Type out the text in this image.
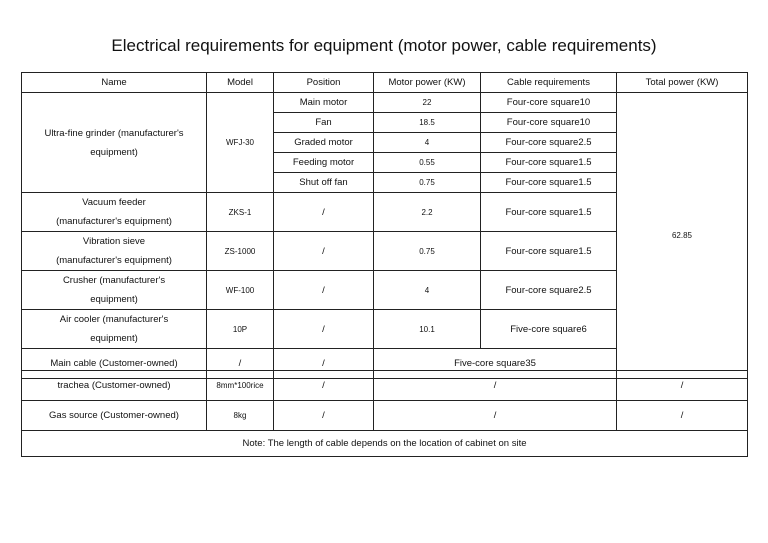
Electrical requirements for equipment (motor power, cable requirements)
Name	Model	Position	Motor power (KW)	Cable requirements	Total power (KW)
Ultra-fine grinder (manufacturer's equipment)	WFJ-30	Main motor	22	Four-core square10	62.85
		Fan	18.5	Four-core square10	
		Graded motor	4	Four-core square2.5	
		Feeding motor	0.55	Four-core square1.5	
		Shut off fan	0.75	Four-core square1.5	
Vacuum feeder (manufacturer's equipment)	ZKS-1	/	2.2	Four-core square1.5	
Vibration sieve (manufacturer's equipment)	ZS-1000	/	0.75	Four-core square1.5	
Crusher (manufacturer's equipment)	WF-100	/	4	Four-core square2.5	
Air cooler (manufacturer's equipment)	10P	/	10.1	Five-core square6	
Main cable (Customer-owned)	/	/	Five-core square35		
trachea (Customer-owned)	8mm*100rice	/	/	/
Gas source (Customer-owned)	8kg	/	/	/
Note: The length of cable depends on the location of cabinet on site				
